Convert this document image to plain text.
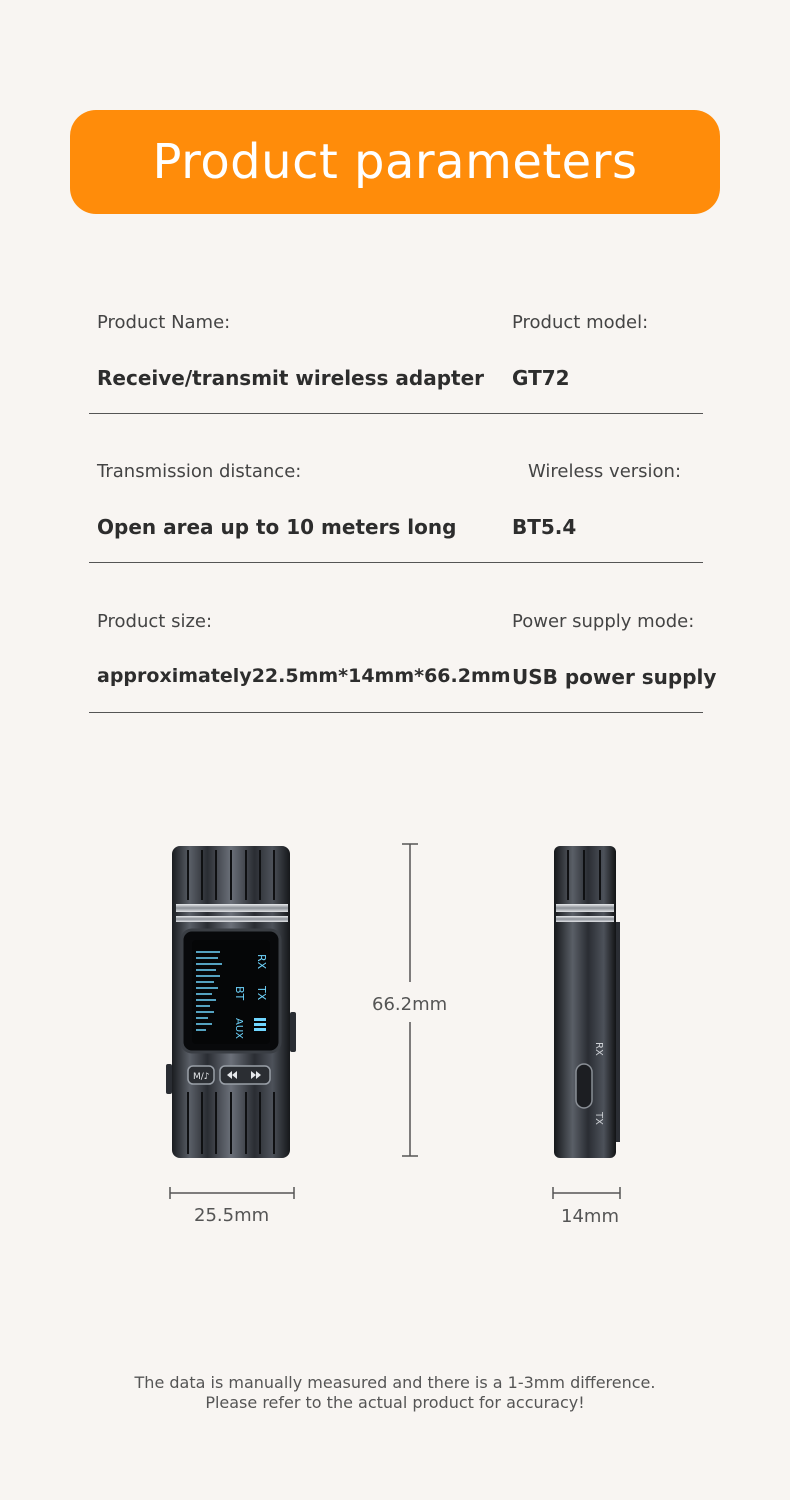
Product parameters
Product Name:
Receive/transmit wireless adapter
Product model:
GT72
Transmission distance:
Open area up to 10 meters long
Wireless version:
BT5.4
Product size:
approximately22.5mm*14mm*66.2mm
Power supply mode:
USB power supply
RX
TX
BT
AUX
M/♪
66.2mm
RX
TX
25.5mm	14mm
The data is manually measured and there is a 1-3mm difference.
Please refer to the actual product for accuracy!
